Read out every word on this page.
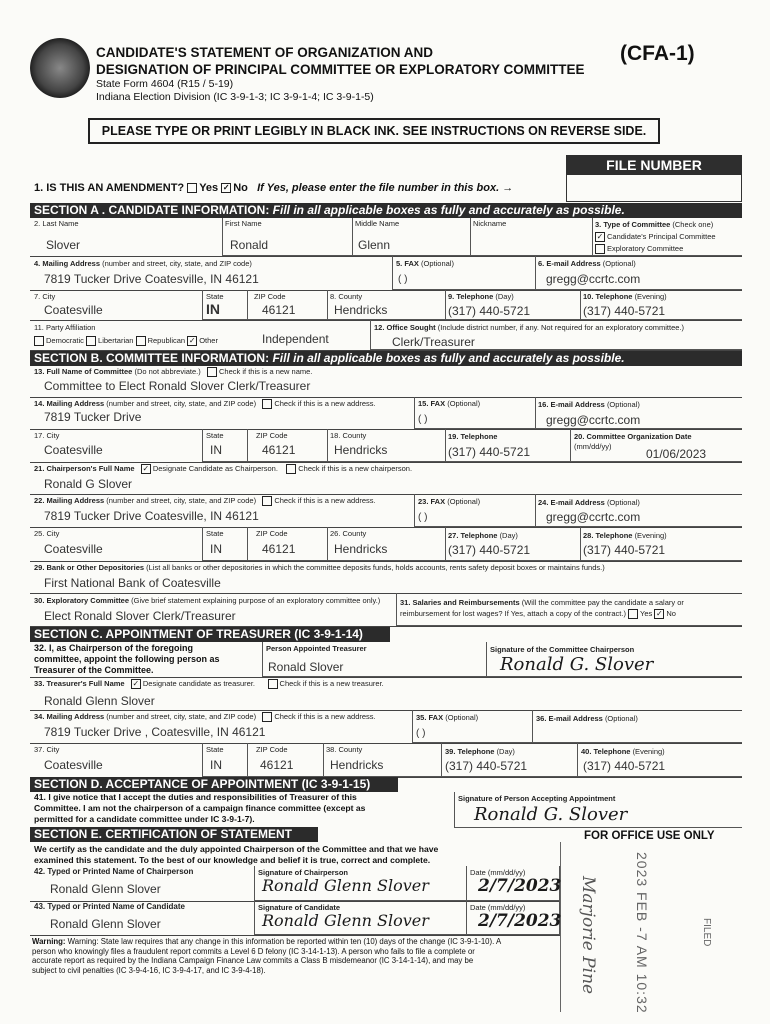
CANDIDATE'S STATEMENT OF ORGANIZATION AND
DESIGNATION OF PRINCIPAL COMMITTEE OR EXPLORATORY COMMITTEE
State Form 4604 (R15 / 5-19)
Indiana Election Division (IC 3-9-1-3; IC 3-9-1-4; IC 3-9-1-5)
(CFA-1)
PLEASE TYPE OR PRINT LEGIBLY IN BLACK INK. SEE INSTRUCTIONS ON REVERSE SIDE.
FILE NUMBER
1. IS THIS AN AMENDMENT? Yes ✓ No If Yes, please enter the file number in this box. →
SECTION A . CANDIDATE INFORMATION: Fill in all applicable boxes as fully and accurately as possible.
2. Last Name
Slover
First Name
Ronald
Middle Name
Glenn
Nickname	3. Type of Committee (Check one)
✓ Candidate's Principal Committee
Exploratory Committee
4. Mailing Address (number and street, city, state, and ZIP code)
7819 Tucker Drive Coatesville, IN 46121
5. FAX (Optional)
( )
6. E-mail Address (Optional)
gregg@ccrtc.com
7. City
Coatesville
State
IN
ZIP Code
46121
8. County
Hendricks
9. Telephone (Day)
(317) 440-5721
10. Telephone (Evening)
(317) 440-5721
11. Party Affiliation
Democratic Libertarian Republican ✓ Other	Independent
12. Office Sought (Include district number, if any. Not required for an exploratory committee.)
Clerk/Treasurer
SECTION B. COMMITTEE INFORMATION: Fill in all applicable boxes as fully and accurately as possible.
13. Full Name of Committee (Do not abbreviate.) Check if this is a new name.
Committee to Elect Ronald Slover Clerk/Treasurer
14. Mailing Address (number and street, city, state, and ZIP code) Check if this is a new address.
7819 Tucker Drive
15. FAX (Optional)
( )
16. E-mail Address (Optional)
gregg@ccrtc.com
17. City
Coatesville
State
IN
ZIP Code
46121
18. County
Hendricks
19. Telephone
(317) 440-5721
20. Committee Organization Date
(mm/dd/yy)
01/06/2023
21. Chairperson's Full Name ✓ Designate Candidate as Chairperson.	Check if this is a new chairperson.
Ronald G Slover
22. Mailing Address (number and street, city, state, and ZIP code) Check if this is a new address.
7819 Tucker Drive Coatesville, IN 46121
23. FAX (Optional)
( )
24. E-mail Address (Optional)
gregg@ccrtc.com
25. City
Coatesville
State
IN
ZIP Code
46121
26. County
Hendricks
27. Telephone (Day)
(317) 440-5721
28. Telephone (Evening)
(317) 440-5721
29. Bank or Other Depositories (List all banks or other depositories in which the committee deposits funds, holds accounts, rents safety deposit boxes or maintains funds.)
First National Bank of Coatesville
30. Exploratory Committee (Give brief statement explaining purpose of an exploratory committee only.)
Elect Ronald Slover Clerk/Treasurer
31. Salaries and Reimbursements (Will the committee pay the candidate a salary or
reimbursement for lost wages? If Yes, attach a copy of the contract.) Yes ✓ No
SECTION C. APPOINTMENT OF TREASURER (IC 3-9-1-14)
32. I, as Chairperson of the foregoing
committee, appoint the following person as
Treasurer of the Committee.
Person Appointed Treasurer
Ronald Slover
Signature of the Committee Chairperson
Ronald G. Slover
33. Treasurer's Full Name ✓ Designate candidate as treasurer.	Check if this is a new treasurer.
Ronald Glenn Slover
34. Mailing Address (number and street, city, state, and ZIP code) Check if this is a new address.
7819 Tucker Drive , Coatesville, IN 46121
35. FAX (Optional)
( )
36. E-mail Address (Optional)
37. City
Coatesville
State
IN
ZIP Code
46121
38. County
Hendricks
39. Telephone (Day)
(317) 440-5721
40. Telephone (Evening)
(317) 440-5721
SECTION D. ACCEPTANCE OF APPOINTMENT (IC 3-9-1-15)
41. I give notice that I accept the duties and responsibilities of Treasurer of this
Committee. I am not the chairperson of a campaign finance committee (except as
permitted for a candidate committee under IC 3-9-1-7).
Signature of Person Accepting Appointment
Ronald G. Slover
SECTION E. CERTIFICATION OF STATEMENT	FOR OFFICE USE ONLY
We certify as the candidate and the duly appointed Chairperson of the Committee and that we have
examined this statement. To the best of our knowledge and belief it is true, correct and complete.
42. Typed or Printed Name of Chairperson
Ronald Glenn Slover
Signature of Chairperson
Ronald Glenn Slover
Date (mm/dd/yy)
2/7/2023
43. Typed or Printed Name of Candidate
Ronald Glenn Slover
Signature of Candidate
Ronald Glenn Slover
Date (mm/dd/yy)
2/7/2023
Warning: Warning: State law requires that any change in this information be reported within ten (10) days of the change (IC 3-9-1-10). A
person who knowingly files a fraudulent report commits a Level 6 D felony (IC 3-14-1-13). A person who fails to file a complete or
accurate report as required by the Indiana Campaign Finance Law commits a Class B misdemeanor (IC 3-14-1-14), and may be
subject to civil penalties (IC 3-9-4-16, IC 3-9-4-17, and IC 3-9-4-18).	2023 FEB -7 AM 10:32	FILED
Marjorie Pine
